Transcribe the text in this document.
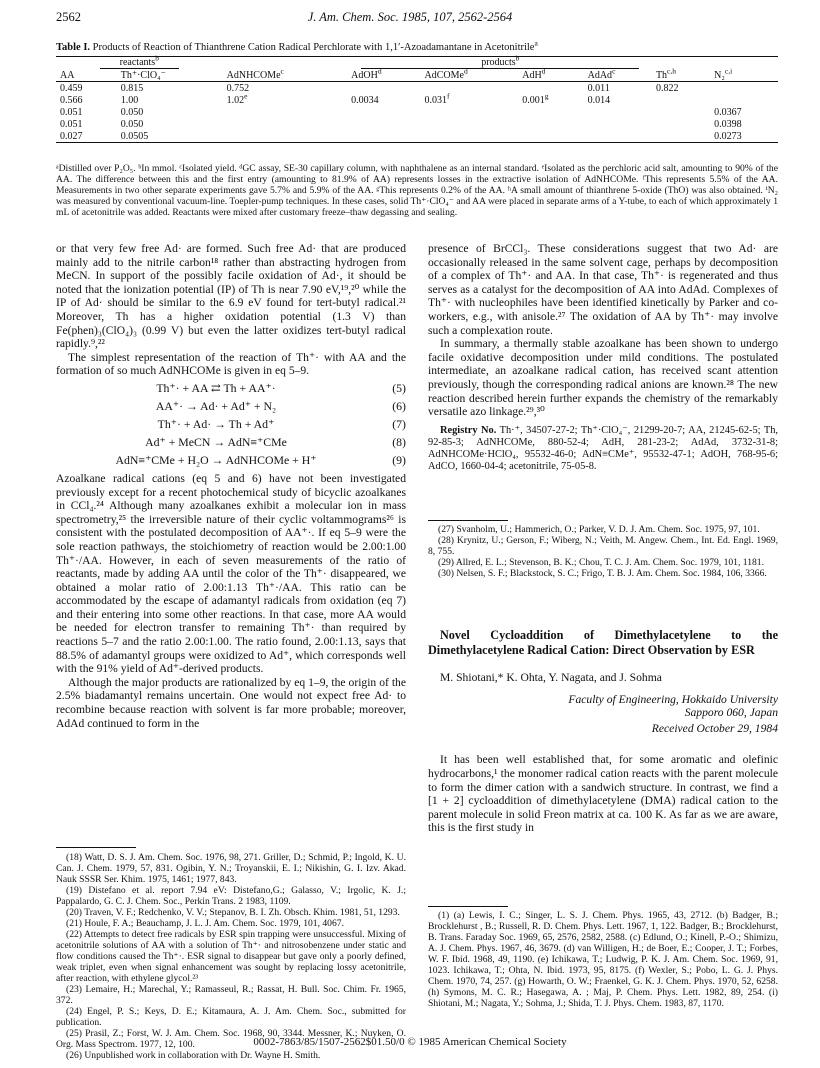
2562	J. Am. Chem. Soc. 1985, 107, 2562-2564
Table I. Products of Reaction of Thianthrene Cation Radical Perchlorate with 1,1′-Azoadamantane in Acetonitrile$^a$
reactants$^b$		products$^b$
AA	Th⁺·ClO₄⁻	AdNHCOMe$^c$	AdOH$^d$	AdCOMe$^d$	AdH$^d$	AdAd$^c$	Th$^{c,h}$	N₂$^{c,i}$
0.459	0.815	0.752				0.011	0.822	
0.566	1.00	1.02e	0.0034	0.031$^f$	0.001$^g$	0.014		
0.051	0.050							0.0367
0.051	0.050							0.0398
0.027	0.0505							0.0273
ᵃDistilled over P₂O₅. ᵇIn mmol. ᶜIsolated yield. ᵈGC assay, SE-30 capillary column, with naphthalene as an internal standard. ᵉIsolated as the perchloric acid salt, amounting to 90% of the AA. The difference between this and the first entry (amounting to 81.9% of AA) represents losses in the extractive isolation of AdNHCOMe. ᶠThis represents 5.5% of the AA. Measurements in two other separate experiments gave 5.7% and 5.9% of the AA. ᵍThis represents 0.2% of the AA. ʰA small amount of thianthrene 5-oxide (ThO) was also obtained. ⁱN₂ was measured by conventional vacuum-line. Toepler-pump techniques. In these cases, solid Th⁺·ClO₄⁻ and AA were placed in separate arms of a Y-tube, to each of which approximately 1 mL of acetonitrile was added. Reactants were mixed after customary freeze–thaw degassing and sealing.

or that very few free Ad· are formed. Such free Ad· that are produced mainly add to the nitrile carbon¹⁸ rather than abstracting hydrogen from MeCN. In support of the possibly facile oxidation of Ad·, it should be noted that the ionization potential (IP) of Th is near 7.90 eV,¹⁹,²⁰ while the IP of Ad· should be similar to the 6.9 eV found for tert-butyl radical.²¹ Moreover, Th has a higher oxidation potential (1.3 V) than Fe(phen)₃(ClO₄)₃ (0.99 V) but even the latter oxidizes tert-butyl radical rapidly.⁹,²²

The simplest representation of the reaction of Th⁺· with AA and the formation of so much AdNHCOMe is given in eq 5–9.

Th⁺· + AA ⇄ Th + AA⁺·	(5)
AA⁺· → Ad· + Ad⁺ + N₂	(6)
Th⁺· + Ad· → Th + Ad⁺	(7)
Ad⁺ + MeCN → AdN≡⁺CMe	(8)
AdN≡⁺CMe + H₂O → AdNHCOMe + H⁺	(9)

Azoalkane radical cations (eq 5 and 6) have not been investigated previously except for a recent photochemical study of bicyclic azoalkanes in CCl₄.²⁴ Although many azoalkanes exhibit a molecular ion in mass spectrometry,²⁵ the irreversible nature of their cyclic voltammograms²⁶ is consistent with the postulated decomposition of AA⁺·. If eq 5–9 were the sole reaction pathways, the stoichiometry of reaction would be 2.00:1.00 Th⁺·/AA. However, in each of seven measurements of the ratio of reactants, made by adding AA until the color of the Th⁺· disappeared, we obtained a molar ratio of 2.00:1.13 Th⁺·/AA. This ratio can be accommodated by the escape of adamantyl radicals from oxidation (eq 7) and their entering into some other reactions. In that case, more AA would be needed for electron transfer to remaining Th⁺· than required by reactions 5–7 and the ratio 2.00:1.00. The ratio found, 2.00:1.13, says that 88.5% of adamantyl groups were oxidized to Ad⁺, which corresponds well with the 91% yield of Ad⁺-derived products.

Although the major products are rationalized by eq 1–9, the origin of the 2.5% biadamantyl remains uncertain. One would not expect free Ad· to recombine because reaction with solvent is far more probable; moreover, AdAd continued to form in the

(18) Watt, D. S. J. Am. Chem. Soc. 1976, 98, 271. Griller, D.; Schmid, P.; Ingold, K. U. Can. J. Chem. 1979, 57, 831. Ogibin, Y. N.; Troyanskii, E. I.; Nikishin, G. I. Izv. Akad. Nauk SSSR Ser. Khim. 1975, 1461; 1977, 843.

(19) Distefano et al. report 7.94 eV: Distefano,G.; Galasso, V.; Irgolic, K. J.; Pappalardo, G. C. J. Chem. Soc., Perkin Trans. 2 1983, 1109.

(20) Traven, V. F.; Redchenko, V. V.; Stepanov, B. I. Zh. Obsch. Khim. 1981, 51, 1293.

(21) Houle, F. A.; Beauchamp, J. L. J. Am. Chem. Soc. 1979, 101, 4067.

(22) Attempts to detect free radicals by ESR spin trapping were unsuccessful. Mixing of acetonitrile solutions of AA with a solution of Th⁺· and nitrosobenzene under static and flow conditions caused the Th⁺·. ESR signal to disappear but gave only a poorly defined, weak triplet, even when signal enhancement was sought by replacing lossy acetonitrile, after reaction, with ethylene glycol.²³

(23) Lemaire, H.; Marechal, Y.; Ramasseul, R.; Rassat, H. Bull. Soc. Chim. Fr. 1965, 372.

(24) Engel, P. S.; Keys, D. E.; Kitamaura, A. J. Am. Chem. Soc., submitted for publication.

(25) Prasil, Z.; Forst, W. J. Am. Chem. Soc. 1968, 90, 3344. Messner, K.; Nuyken, O. Org. Mass Spectrom. 1977, 12, 100.

(26) Unpublished work in collaboration with Dr. Wayne H. Smith.

presence of BrCCl₃. These considerations suggest that two Ad· are occasionally released in the same solvent cage, perhaps by decomposition of a complex of Th⁺· and AA. In that case, Th⁺· is regenerated and thus serves as a catalyst for the decomposition of AA into AdAd. Complexes of Th⁺· with nucleophiles have been identified kinetically by Parker and co-workers, e.g., with anisole.²⁷ The oxidation of AA by Th⁺· may involve such a complexation route.

In summary, a thermally stable azoalkane has been shown to undergo facile oxidative decomposition under mild conditions. The postulated intermediate, an azoalkane radical cation, has received scant attention previously, though the corresponding radical anions are known.²⁸ The new reaction described herein further expands the chemistry of the remarkably versatile azo linkage.²⁹,³⁰

Registry No. Th·⁺, 34507-27-2; Th⁺·ClO₄⁻, 21299-20-7; AA, 21245-62-5; Th, 92-85-3; AdNHCOMe, 880-52-4; AdH, 281-23-2; AdAd, 3732-31-8; AdNHCOMe·HClO₄, 95532-46-0; AdN≡CMe⁺, 95532-47-1; AdOH, 768-95-6; AdCO, 1660-04-4; acetonitrile, 75-05-8.

(27) Svanholm, U.; Hammerich, O.; Parker, V. D. J. Am. Chem. Soc. 1975, 97, 101.

(28) Krynitz, U.; Gerson, F.; Wiberg, N.; Veith, M. Angew. Chem., Int. Ed. Engl. 1969, 8, 755.

(29) Allred, E. L.; Stevenson, B. K.; Chou, T. C. J. Am. Chem. Soc. 1979, 101, 1181.

(30) Nelsen, S. F.; Blackstock, S. C.; Frigo, T. B. J. Am. Chem. Soc. 1984, 106, 3366.

Novel Cycloaddition of Dimethylacetylene to the Dimethylacetylene Radical Cation: Direct Observation by ESR

M. Shiotani,* K. Ohta, Y. Nagata, and J. Sohma

Faculty of Engineering, Hokkaido University

Sapporo 060, Japan

Received October 29, 1984

It has been well established that, for some aromatic and olefinic hydrocarbons,¹ the monomer radical cation reacts with the parent molecule to form the dimer cation with a sandwich structure. In contrast, we find a [1 + 2] cycloaddition of dimethylacetylene (DMA) radical cation to the parent molecule in solid Freon matrix at ca. 100 K. As far as we are aware, this is the first study in

(1) (a) Lewis, I. C.; Singer, L. S. J. Chem. Phys. 1965, 43, 2712. (b) Badger, B.; Brocklehurst , B.; Russell, R. D. Chem. Phys. Lett. 1967, 1, 122. Badger, B.; Brocklehurst, B. Trans. Faraday Soc. 1969, 65, 2576, 2582, 2588. (c) Edlund, O.; Kinell, P.-O.; Shimizu, A. J. Chem. Phys. 1967, 46, 3679. (d) van Willigen, H.; de Boer, E.; Cooper, J. T.; Forbes, W. F. Ibid. 1968, 49, 1190. (e) Ichikawa, T.; Ludwig, P. K. J. Am. Chem. Soc. 1969, 91, 1023. Ichikawa, T.; Ohta, N. Ibid. 1973, 95, 8175. (f) Wexler, S.; Pobo, L. G. J. Phys. Chem. 1970, 74, 257. (g) Howarth, O. W.; Fraenkel, G. K. J. Chem. Phys. 1970, 52, 6258. (h) Symons, M. C. R.; Hasegawa, A. ; Maj, P. Chem. Phys. Lett. 1982, 89, 254. (i) Shiotani, M.; Nagata, Y.; Sohma, J.; Shida, T. J. Phys. Chem. 1983, 87, 1170.

0002-7863/85/1507-2562$01.50/0 © 1985 American Chemical Society
